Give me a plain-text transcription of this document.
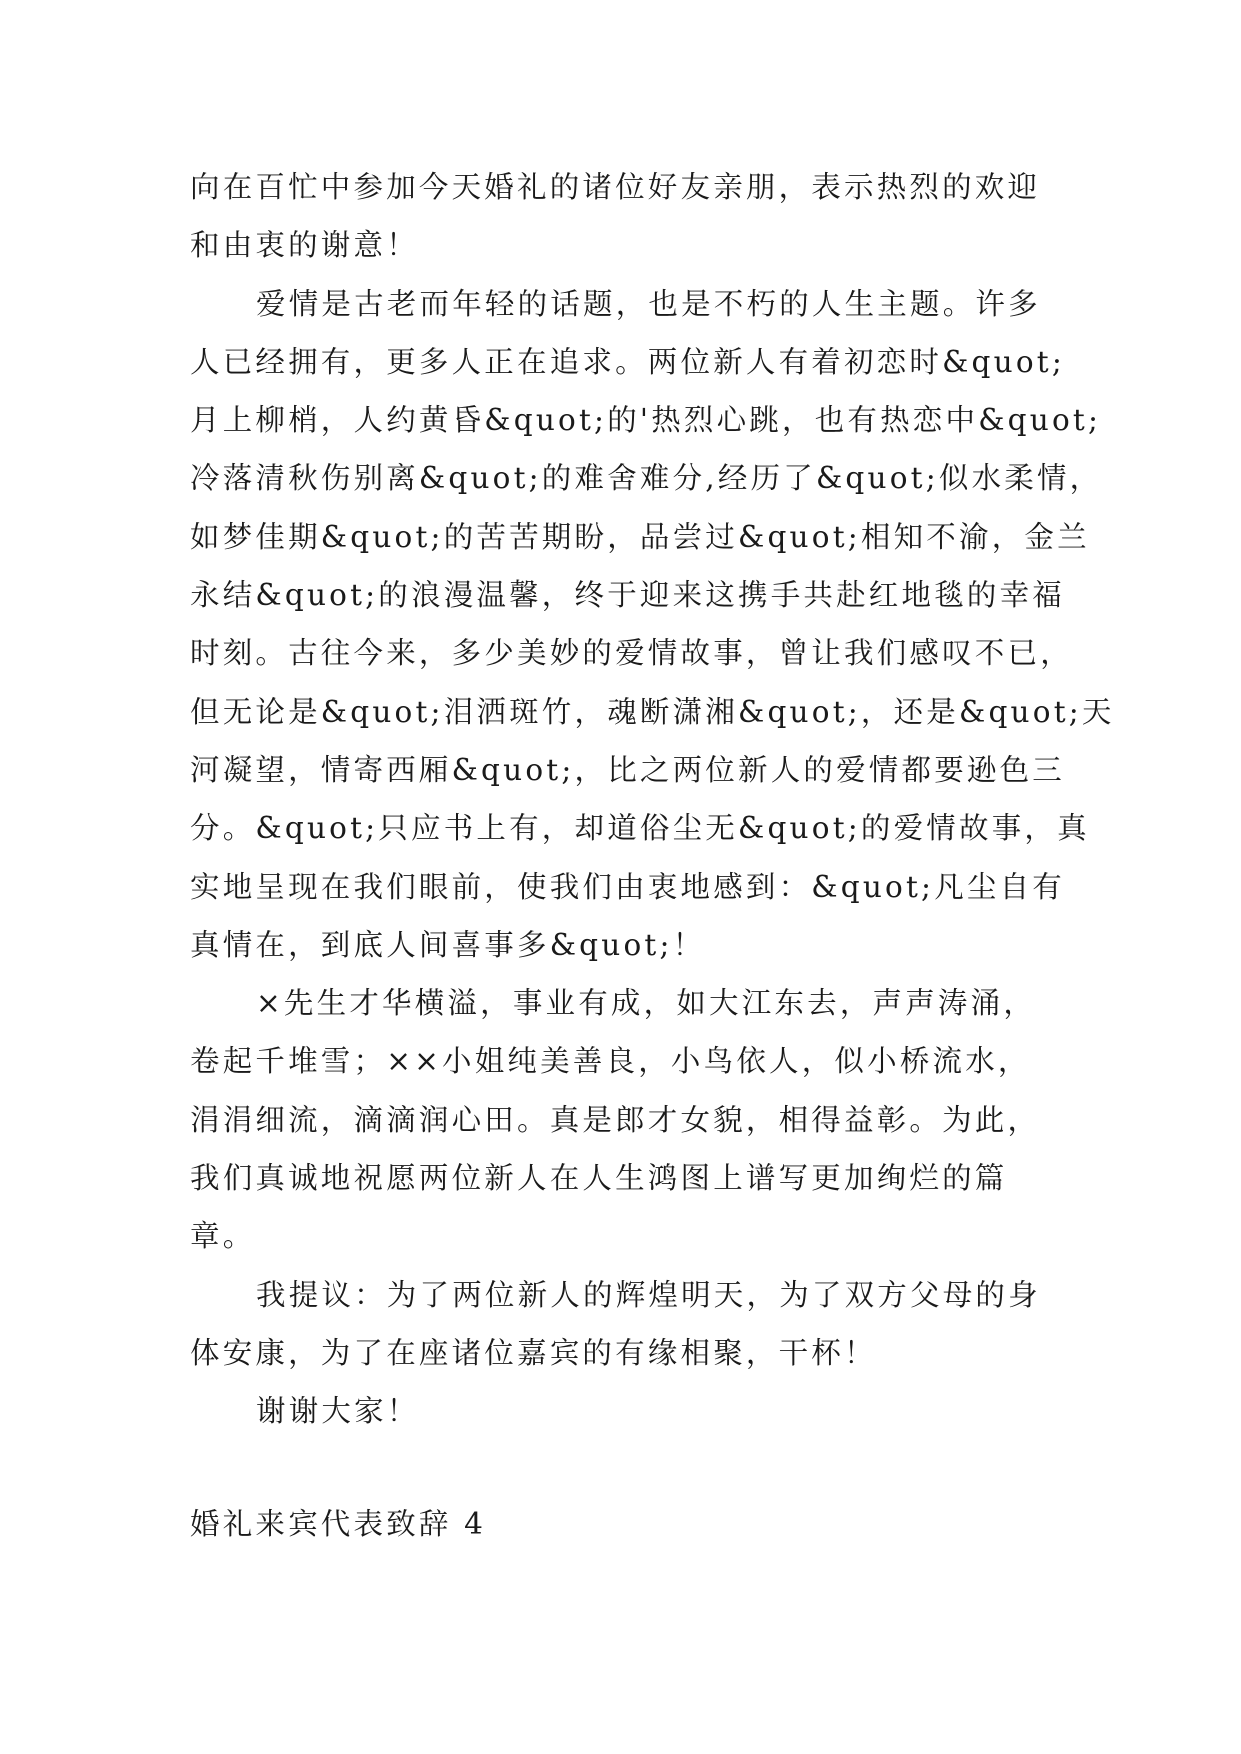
向在百忙中参加今天婚礼的诸位好友亲朋，表示热烈的欢迎
和由衷的谢意！
爱情是古老而年轻的话题，也是不朽的人生主题。许多
人已经拥有，更多人正在追求。两位新人有着初恋时&quot;
月上柳梢，人约黄昏&quot;的'热烈心跳，也有热恋中&quot;
冷落清秋伤别离&quot;的难舍难分,经历了&quot;似水柔情，
如梦佳期&quot;的苦苦期盼，品尝过&quot;相知不渝，金兰
永结&quot;的浪漫温馨，终于迎来这携手共赴红地毯的幸福
时刻。古往今来，多少美妙的爱情故事，曾让我们感叹不已，
但无论是&quot;泪洒斑竹，魂断潇湘&quot;，还是&quot;天
河凝望，情寄西厢&quot;，比之两位新人的爱情都要逊色三
分。&quot;只应书上有，却道俗尘无&quot;的爱情故事，真
实地呈现在我们眼前，使我们由衷地感到：&quot;凡尘自有
真情在，到底人间喜事多&quot;！
×先生才华横溢，事业有成，如大江东去，声声涛涌，
卷起千堆雪；××小姐纯美善良，小鸟依人，似小桥流水，
涓涓细流，滴滴润心田。真是郎才女貌，相得益彰。为此，
我们真诚地祝愿两位新人在人生鸿图上谱写更加绚烂的篇
章。
我提议：为了两位新人的辉煌明天，为了双方父母的身
体安康，为了在座诸位嘉宾的有缘相聚，干杯！
谢谢大家！
婚礼来宾代表致辞 4
